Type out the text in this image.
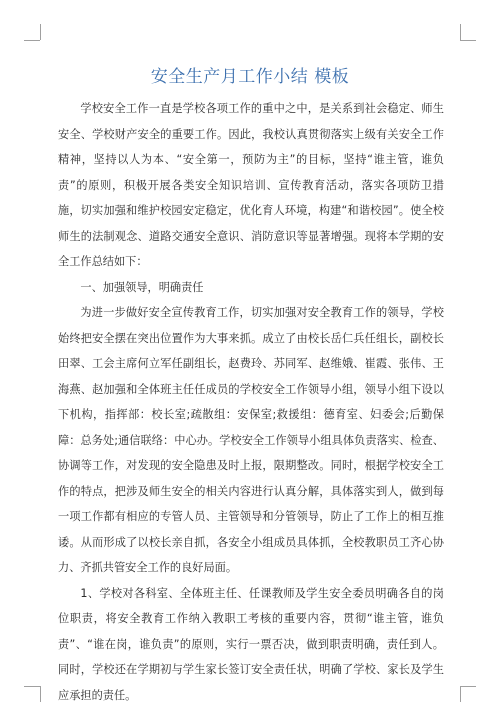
安全生产月工作小结 模板

学校安全工作一直是学校各项工作的重中之中，是关系到社会稳定、师生安全、学校财产安全的重要工作。因此，我校认真贯彻落实上级有关安全工作精神，坚持以人为本、“安全第一，预防为主”的目标，坚持“谁主管，谁负责”的原则，积极开展各类安全知识培训、宣传教育活动，落实各项防卫措施，切实加强和维护校园安定稳定，优化育人环境，构建“和谐校园”。使全校师生的法制观念、道路交通安全意识、消防意识等显著增强。现将本学期的安全工作总结如下：

一、加强领导，明确责任

为进一步做好安全宣传教育工作，切实加强对安全教育工作的领导，学校始终把安全摆在突出位置作为大事来抓。成立了由校长岳仁兵任组长，副校长田翠、工会主席何立军任副组长，赵费玲、苏同军、赵维娥、崔霞、张伟、王海燕、赵加强和全体班主任任成员的学校安全工作领导小组，领导小组下设以下机构，指挥部：校长室;疏散组：安保室;救援组：德育室、妇委会;后勤保障：总务处;通信联络：中心办。学校安全工作领导小组具体负责落实、检查、协调等工作，对发现的安全隐患及时上报，限期整改。同时，根据学校安全工作的特点，把涉及师生安全的相关内容进行认真分解，具体落实到人，做到每一项工作都有相应的专管人员、主管领导和分管领导，防止了工作上的相互推诿。从而形成了以校长亲自抓，各安全小组成员具体抓，全校教职员工齐心协力、齐抓共管安全工作的良好局面。

1、学校对各科室、全体班主任、任课教师及学生安全委员明确各自的岗位职责，将安全教育工作纳入教职工考核的重要内容，贯彻“谁主管，谁负责”、“谁在岗，谁负责”的原则，实行一票否决，做到职责明确，责任到人。同时，学校还在学期初与学生家长签订安全责任状，明确了学校、家长及学生应承担的责任。
